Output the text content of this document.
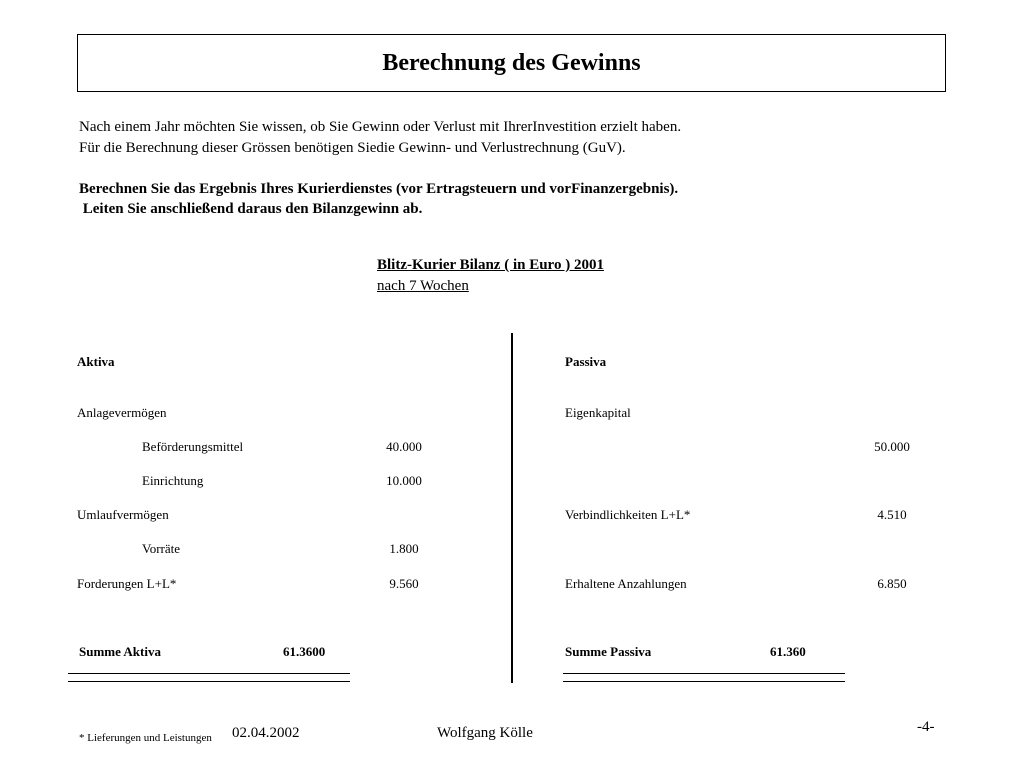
Berechnung des Gewinns
Nach einem Jahr möchten Sie wissen, ob Sie Gewinn oder Verlust mit IhrerInvestition erzielt haben.
Für die Berechnung dieser Grössen benötigen Siedie Gewinn- und Verlustrechnung (GuV).
Berechnen Sie das Ergebnis Ihres Kurierdienstes (vor Ertragsteuern und vorFinanzergebnis).
Leiten Sie anschließend daraus den Bilanzgewinn ab.
Blitz-Kurier Bilanz ( in Euro ) 2001
nach 7 Wochen
Aktiva
Anlagevermögen
Beförderungsmittel	40.000
Einrichtung	10.000
Umlaufvermögen
Vorräte	1.800
Forderungen L+L*	9.560
Summe Aktiva	61.3600
Passiva
Eigenkapital
50.000
Verbindlichkeiten L+L*	4.510
Erhaltene Anzahlungen	6.850
Summe Passiva	61.360
* Lieferungen und Leistungen 02.04.2002	Wolfgang Kölle	-4-
